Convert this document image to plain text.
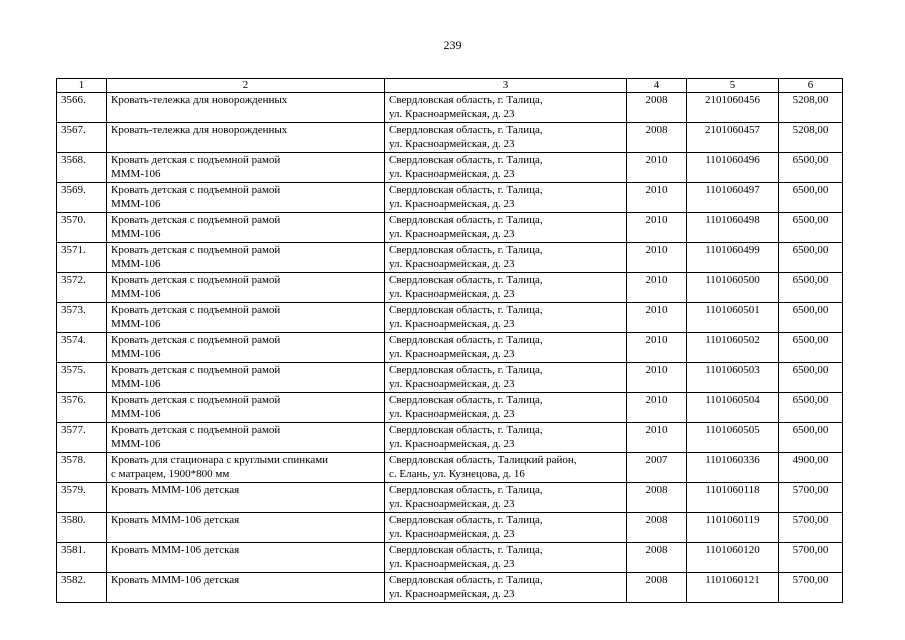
239
1	2	3	4	5	6
3566.	Кровать-тележка для новорожденных	Свердловская область, г. Талица,
ул. Красноармейская, д. 23	2008	2101060456	5208,00
3567.	Кровать-тележка для новорожденных	Свердловская область, г. Талица,
ул. Красноармейская, д. 23	2008	2101060457	5208,00
3568.	Кровать детская с подъемной рамой
МММ-106	Свердловская область, г. Талица,
ул. Красноармейская, д. 23	2010	1101060496	6500,00
3569.	Кровать детская с подъемной рамой
МММ-106	Свердловская область, г. Талица,
ул. Красноармейская, д. 23	2010	1101060497	6500,00
3570.	Кровать детская с подъемной рамой
МММ-106	Свердловская область, г. Талица,
ул. Красноармейская, д. 23	2010	1101060498	6500,00
3571.	Кровать детская с подъемной рамой
МММ-106	Свердловская область, г. Талица,
ул. Красноармейская, д. 23	2010	1101060499	6500,00
3572.	Кровать детская с подъемной рамой
МММ-106	Свердловская область, г. Талица,
ул. Красноармейская, д. 23	2010	1101060500	6500,00
3573.	Кровать детская с подъемной рамой
МММ-106	Свердловская область, г. Талица,
ул. Красноармейская, д. 23	2010	1101060501	6500,00
3574.	Кровать детская с подъемной рамой
МММ-106	Свердловская область, г. Талица,
ул. Красноармейская, д. 23	2010	1101060502	6500,00
3575.	Кровать детская с подъемной рамой
МММ-106	Свердловская область, г. Талица,
ул. Красноармейская, д. 23	2010	1101060503	6500,00
3576.	Кровать детская с подъемной рамой
МММ-106	Свердловская область, г. Талица,
ул. Красноармейская, д. 23	2010	1101060504	6500,00
3577.	Кровать детская с подъемной рамой
МММ-106	Свердловская область, г. Талица,
ул. Красноармейская, д. 23	2010	1101060505	6500,00
3578.	Кровать для стационара с круглыми спинками
с матрацем, 1900*800 мм	Свердловская область, Талицкий район,
с. Елань, ул. Кузнецова, д. 16	2007	1101060336	4900,00
3579.	Кровать МММ-106 детская	Свердловская область, г. Талица,
ул. Красноармейская, д. 23	2008	1101060118	5700,00
3580.	Кровать МММ-106 детская	Свердловская область, г. Талица,
ул. Красноармейская, д. 23	2008	1101060119	5700,00
3581.	Кровать МММ-106 детская	Свердловская область, г. Талица,
ул. Красноармейская, д. 23	2008	1101060120	5700,00
3582.	Кровать МММ-106 детская	Свердловская область, г. Талица,
ул. Красноармейская, д. 23	2008	1101060121	5700,00
